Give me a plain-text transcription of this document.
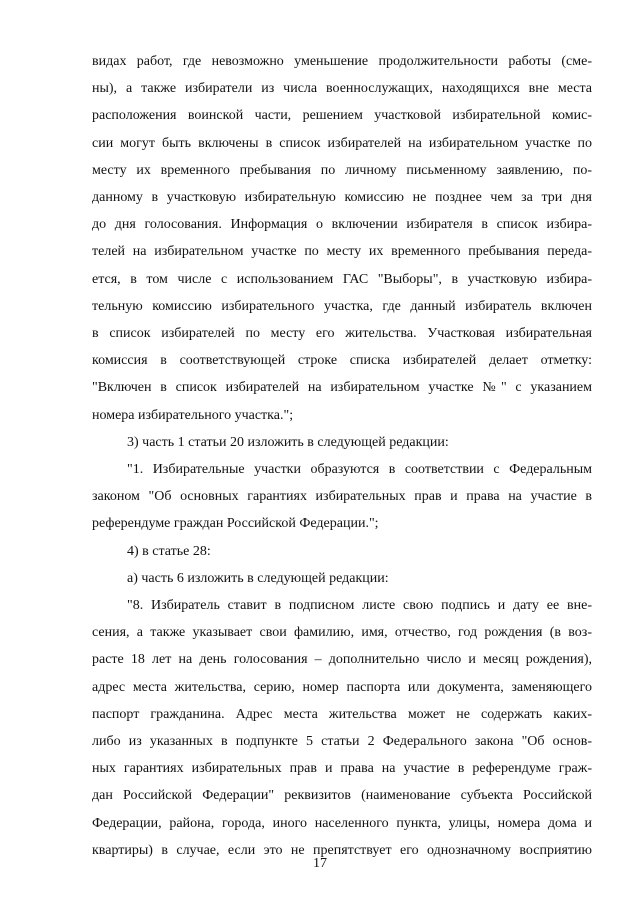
видах работ, где невозможно уменьшение продолжительности работы (сме-

ны), а также избиратели из числа военнослужащих, находящихся вне места

расположения воинской части, решением участковой избирательной комис-

сии могут быть включены в список избирателей на избирательном участке по

месту их временного пребывания по личному письменному заявлению, по-

данному в участковую избирательную комиссию не позднее чем за три дня

до дня голосования. Информация о включении избирателя в список избира-

телей на избирательном участке по месту их временного пребывания переда-

ется, в том числе с использованием ГАС "Выборы", в участковую избира-

тельную комиссию избирательного участка, где данный избиратель включен

в список избирателей по месту его жительства. Участковая избирательная

комиссия в соответствующей строке списка избирателей делает отметку:

"Включен в список избирателей на избирательном участке №" с указанием

номера избирательного участка.";

3) часть 1 статьи 20 изложить в следующей редакции:

"1. Избирательные участки образуются в соответствии с Федеральным

законом "Об основных гарантиях избирательных прав и права на участие в

референдуме граждан Российской Федерации.";

4) в статье 28:

а) часть 6 изложить в следующей редакции:

"8. Избиратель ставит в подписном листе свою подпись и дату ее вне-

сения, а также указывает свои фамилию, имя, отчество, год рождения (в воз-

расте 18 лет на день голосования – дополнительно число и месяц рождения),

адрес места жительства, серию, номер паспорта или документа, заменяющего

паспорт гражданина. Адрес места жительства может не содержать каких-

либо из указанных в подпункте 5 статьи 2 Федерального закона "Об основ-

ных гарантиях избирательных прав и права на участие в референдуме граж-

дан Российской Федерации" реквизитов (наименование субъекта Российской

Федерации, района, города, иного населенного пункта, улицы, номера дома и

квартиры) в случае, если это не препятствует его однозначному восприятию

17
